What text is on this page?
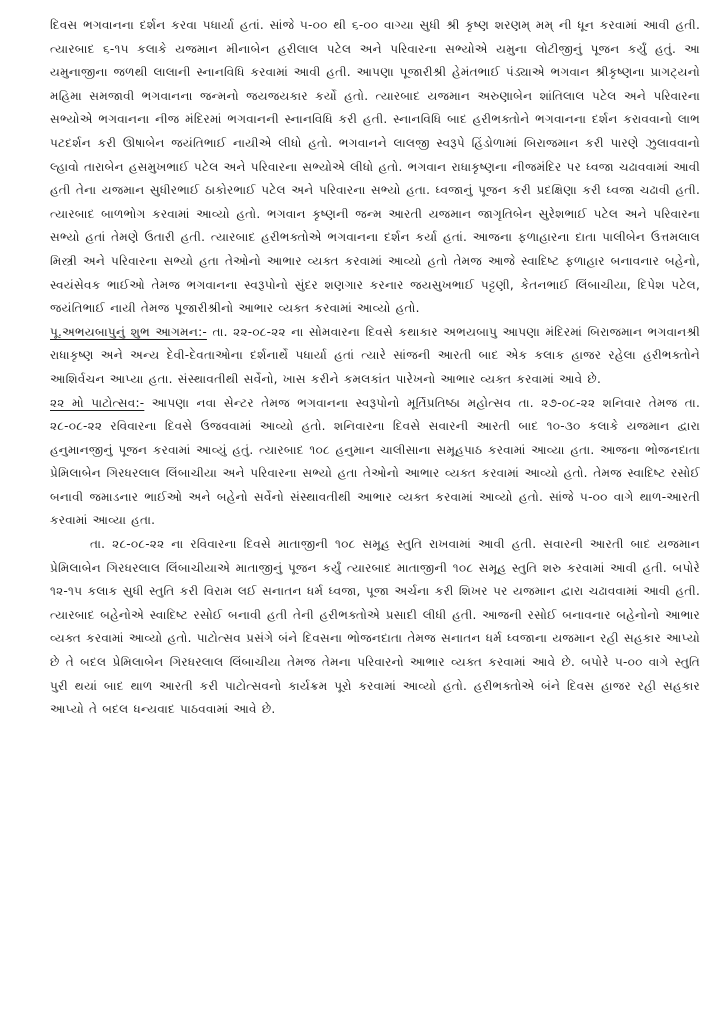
દિવસ ભગવાનના દર્શન કરવા પધાર્યા હતાં. સાંજે ૫-૦૦ થી ૬-૦૦ વાગ્યા સુધી શ્રી કૃષ્ણ શરણમ્ મમ્ ની ધૂન કરવામાં આવી હતી. ત્યારબાદ ૬-૧૫ કલાકે યજમાન મીનાબેન હરીલાલ પટેલ અને પરિવારના સભ્યોએ યમુના લોટીજીનું પૂજન કર્યું હતું. આ યમુનાજીના જળથી લાલાની સ્નાનવિધિ કરવામાં આવી હતી. આપણા પૂજારીશ્રી હેમંતભાઈ પંડ્યાએ ભગવાન શ્રીકૃષ્ણના પ્રાગટ્યનો મહિમા સમજાવી ભગવાનના જન્મનો જયજયકાર કર્યો હતો. ત્યારબાદ યજમાન અરુણાબેન શાંતિલાલ પટેલ અને પરિવારના સભ્યોએ ભગવાનના નીજ મંદિરમાં ભગવાનની સ્નાનવિધિ કરી હતી. સ્નાનવિધિ બાદ હરીભક્તોને ભગવાનના દર્શન કરાવવાનો લાભ પટદર્શન કરી ઊષાબેન જયંતિભાઈ નાયીએ લીધો હતો. ભગવાનને લાલજી સ્વરૂપે હિંડોળામાં બિરાજમાન કરી પારણે ઝુલાવવાનો લ્હાવો તારાબેન હસમુખભાઈ પટેલ અને પરિવારના સભ્યોએ લીધો હતો. ભગવાન રાધાકૃષ્ણના નીજમંદિર પર ધ્વજા ચઢાવવામાં આવી હતી તેના યજમાન સુધીરભાઈ ઠાકોરભાઈ પટેલ અને પરિવારના સભ્યો હતા. ધ્વજાનું પૂજન કરી પ્રદક્ષિણા કરી ધ્વજા ચઢાવી હતી. ત્યારબાદ બાળભોગ કરવામાં આવ્યો હતો. ભગવાન કૃષ્ણની જન્મ આરતી યજમાન જાગૃતિબેન સુરેશભાઈ પટેલ અને પરિવારના સભ્યો હતાં તેમણે ઉતારી હતી. ત્યારબાદ હરીભક્તોએ ભગવાનના દર્શન કર્યા હતાં. આજના ફળાહારના દાતા પાલીબેન ઉત્તમલાલ મિસ્ત્રી અને પરિવારના સભ્યો હતા તેઓનો આભાર વ્યક્ત કરવામાં આવ્યો હતો તેમજ આજે સ્વાદિષ્ટ ફળાહાર બનાવનાર બહેનો, સ્વયંસેવક ભાઈઓ તેમજ ભગવાનના સ્વરૂપોનો સુંદર શણગાર કરનાર જયસુખભાઈ પટ્ટણી, કેતનભાઈ લિંબાચીયા, દિપેશ પટેલ, જયંતિભાઈ નાયી તેમજ પૂજારીશ્રીનો આભાર વ્યક્ત કરવામાં આવ્યો હતો.

પૂ.અભયબાપુનું શુભ આગમન:- તા. ૨૨-૦૮-૨૨ ના સોમવારના દિવસે કથાકાર અભયબાપુ આપણા મંદિરમાં બિરાજમાન ભગવાનશ્રી રાધાકૃષ્ણ અને અન્ય દેવી-દેવતાઓના દર્શનાર્થે પધાર્યા હતાં ત્યારે સાંજની આરતી બાદ એક કલાક હાજર રહેલા હરીભક્તોને આશિર્વચન આપ્યા હતા. સંસ્થાવતીથી સર્વેનો, ખાસ કરીને કમલકાંત પારેખનો આભાર વ્યક્ત કરવામાં આવે છે.

૨૨ મો પાટોત્સવ:- આપણા નવા સેન્ટર તેમજ ભગવાનના સ્વરૂપોનો મૂર્તિપ્રતિષ્ઠા મહોત્સવ તા. ૨૭-૦૮-૨૨ શનિવાર તેમજ તા. ૨૮-૦૮-૨૨ રવિવારના દિવસે ઉજવવામાં આવ્યો હતો. શનિવારના દિવસે સવારની આરતી બાદ ૧૦-૩૦ કલાકે યજમાન દ્વારા હનુમાનજીનું પૂજન કરવામાં આવ્યું હતું. ત્યારબાદ ૧૦૮ હનુમાન ચાલીસાના સમૂહપાઠ કરવામાં આવ્યા હતા. આજના ભોજનદાતા પ્રેમિલાબેન ગિરધરલાલ લિંબાચીયા અને પરિવારના સભ્યો હતા તેઓનો આભાર વ્યક્ત કરવામાં આવ્યો હતો. તેમજ સ્વાદિષ્ટ રસોઈ બનાવી જમાડનાર ભાઈઓ અને બહેનો સર્વેનો સંસ્થાવતીથી આભાર વ્યક્ત કરવામાં આવ્યો હતો. સાંજે ૫-૦૦ વાગે થાળ-આરતી કરવામાં આવ્યા હતા.

તા. ૨૮-૦૮-૨૨ ના રવિવારના દિવસે માતાજીની ૧૦૮ સમૂહ સ્તુતિ રાખવામાં આવી હતી. સવારની આરતી બાદ યજમાન પ્રેમિલાબેન ગિરધરલાલ લિંબાચીયાએ માતાજીનું પૂજન કર્યું ત્યારબાદ માતાજીની ૧૦૮ સમૂહ સ્તુતિ શરુ કરવામાં આવી હતી. બપોરે ૧૨-૧૫ કલાક સુધી સ્તુતિ કરી વિરામ લઈ સનાતન ધર્મ ધ્વજા, પૂજા અર્ચના કરી શિખર પર યજમાન દ્વારા ચઢાવવામાં આવી હતી. ત્યારબાદ બહેનોએ સ્વાદિષ્ટ રસોઈ બનાવી હતી તેની હરીભક્તોએ પ્રસાદી લીધી હતી. આજની રસોઈ બનાવનાર બહેનોનો આભાર વ્યક્ત કરવામાં આવ્યો હતો. પાટોત્સવ પ્રસંગે બંને દિવસના ભોજનદાતા તેમજ સનાતન ધર્મ ધ્વજાના યજમાન રહી સહકાર આપ્યો છે તે બદલ પ્રેમિલાબેન ગિરધરલાલ લિંબાચીયા તેમજ તેમના પરિવારનો આભાર વ્યક્ત કરવામાં આવે છે. બપોરે ૫-૦૦ વાગે સ્તુતિ પુરી થયાં બાદ થાળ આરતી કરી પાટોત્સવનો કાર્યક્રમ પૂરો કરવામાં આવ્યો હતો. હરીભક્તોએ બંને દિવસ હાજર રહી સહકાર આપ્યો તે બદલ ધન્યવાદ પાઠવવામાં આવે છે.
